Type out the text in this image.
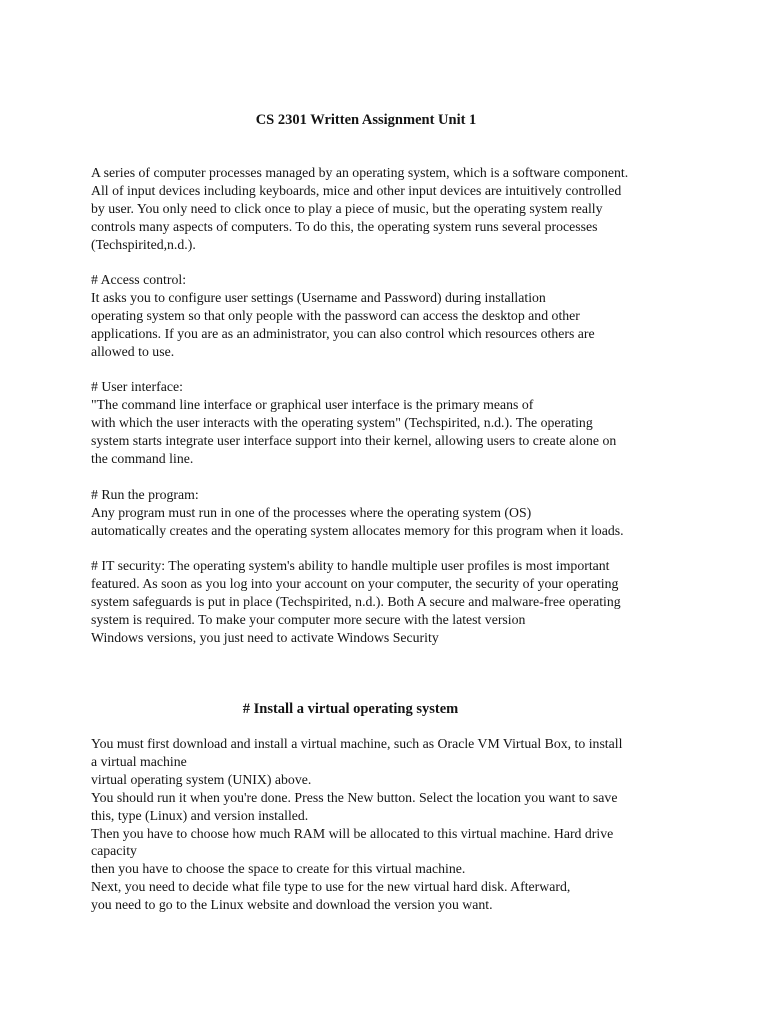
CS 2301 Written Assignment Unit 1
A series of computer processes managed by an operating system, which is a software component.
All of input devices including keyboards, mice and other input devices are intuitively controlled
by user. You only need to click once to play a piece of music, but the operating system really
controls many aspects of computers. To do this, the operating system runs several processes
(Techspirited,n.d.).
# Access control:
It asks you to configure user settings (Username and Password) during installation
operating system so that only people with the password can access the desktop and other
applications. If you are as an administrator, you can also control which resources others are
allowed to use.
# User interface:
"The command line interface or graphical user interface is the primary means of
with which the user interacts with the operating system" (Techspirited, n.d.). The operating
system starts integrate user interface support into their kernel, allowing users to create alone on
the command line.
# Run the program:
Any program must run in one of the processes where the operating system (OS)
automatically creates and the operating system allocates memory for this program when it loads.
# IT security: The operating system's ability to handle multiple user profiles is most important
featured. As soon as you log into your account on your computer, the security of your operating
system safeguards is put in place (Techspirited, n.d.). Both A secure and malware-free operating
system is required. To make your computer more secure with the latest version
Windows versions, you just need to activate Windows Security
# Install a virtual operating system
You must first download and install a virtual machine, such as Oracle VM Virtual Box, to install
a virtual machine
virtual operating system (UNIX) above.
You should run it when you're done. Press the New button. Select the location you want to save
this, type (Linux) and version installed.
Then you have to choose how much RAM will be allocated to this virtual machine. Hard drive
capacity
then you have to choose the space to create for this virtual machine.
Next, you need to decide what file type to use for the new virtual hard disk. Afterward,
you need to go to the Linux website and download the version you want.
